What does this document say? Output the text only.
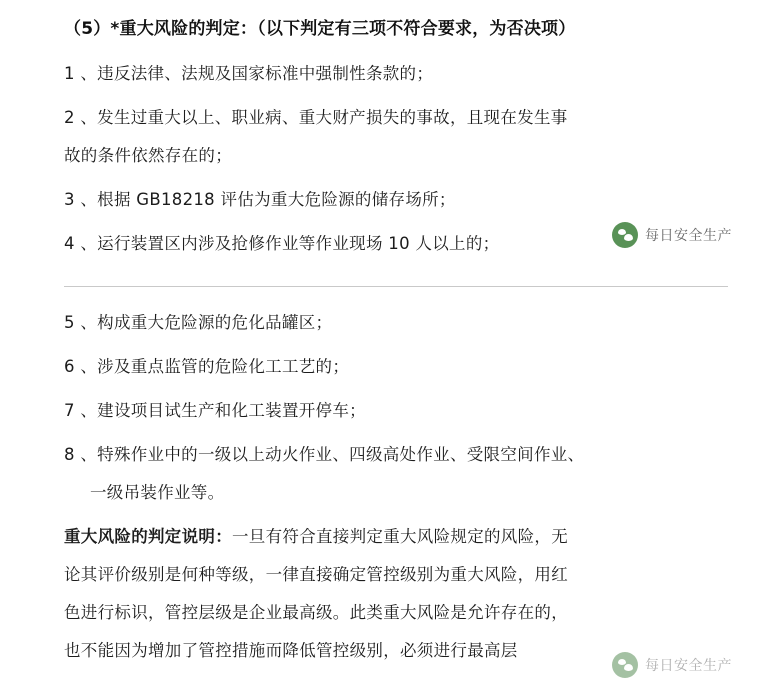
（5）*重大风险的判定：（以下判定有三项不符合要求，为否决项）

1 、违反法律、法规及国家标准中强制性条款的；

2 、发生过重大以上、职业病、重大财产损失的事故，且现在发生事

故的条件依然存在的；

3 、根据 GB18218 评估为重大危险源的储存场所；

4 、运行装置区内涉及抢修作业等作业现场 10 人以上的；

5 、构成重大危险源的危化品罐区；

6 、涉及重点监管的危险化工工艺的；

7 、建设项目试生产和化工装置开停车；

8 、特殊作业中的一级以上动火作业、四级高处作业、受限空间作业、

一级吊装作业等。

重大风险的判定说明：一旦有符合直接判定重大风险规定的风险，无

论其评价级别是何种等级，一律直接确定管控级别为重大风险，用红

色进行标识，管控层级是企业最高级。此类重大风险是允许存在的，

也不能因为增加了管控措施而降低管控级别，必须进行最高层

每日安全生产
每日安全生产
